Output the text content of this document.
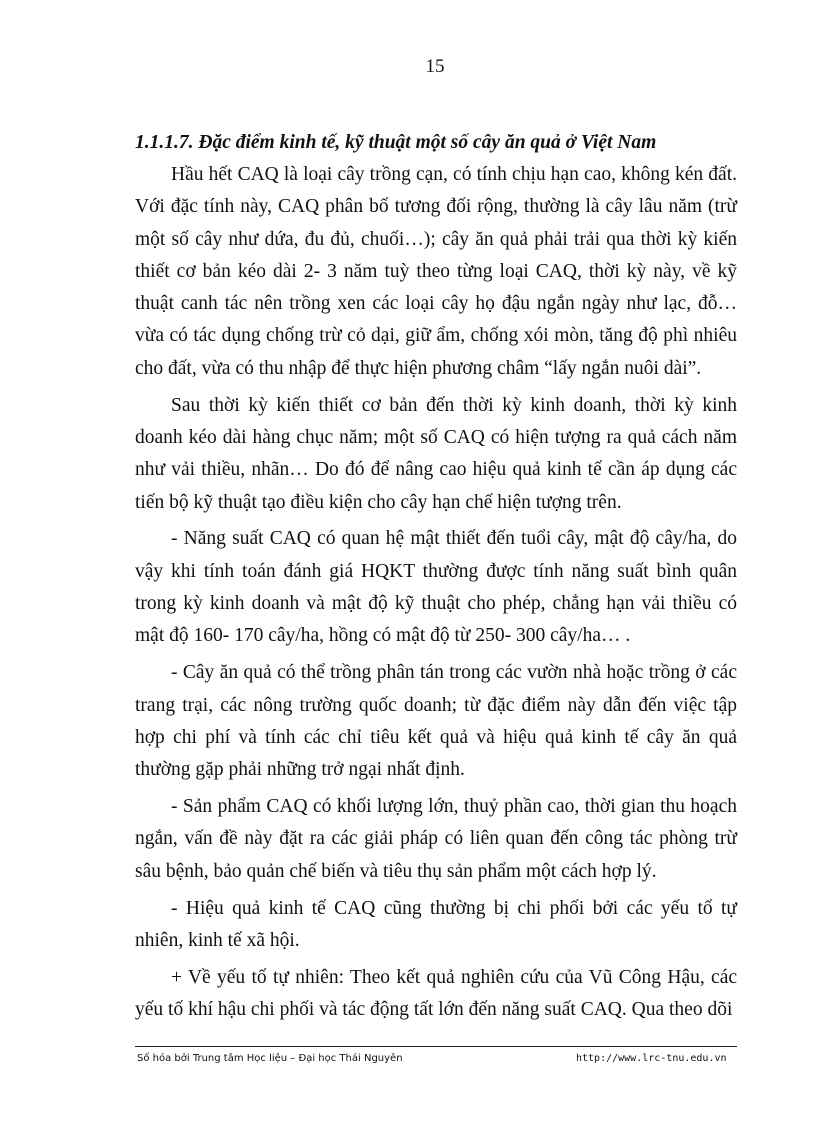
15

1.1.1.7. Đặc điểm kinh tế, kỹ thuật một số cây ăn quả ở Việt Nam

Hầu hết CAQ là loại cây trồng cạn, có tính chịu hạn cao, không kén đất. Với đặc tính này, CAQ phân bố tương đối rộng, thường là cây lâu năm (trừ một số cây như dứa, đu đủ, chuối…); cây ăn quả phải trải qua thời kỳ kiến thiết cơ bản kéo dài 2- 3 năm tuỳ theo từng loại CAQ, thời kỳ này, về kỹ thuật canh tác nên trồng xen các loại cây họ đậu ngắn ngày như lạc, đỗ… vừa có tác dụng chống trừ cỏ dại, giữ ẩm, chống xói mòn, tăng độ phì nhiêu cho đất, vừa có thu nhập để thực hiện phương châm “lấy ngắn nuôi dài”.

Sau thời kỳ kiến thiết cơ bản đến thời kỳ kinh doanh, thời kỳ kinh doanh kéo dài hàng chục năm; một số CAQ có hiện tượng ra quả cách năm như vải thiều, nhãn… Do đó để nâng cao hiệu quả kinh tế cần áp dụng các tiến bộ kỹ thuật tạo điều kiện cho cây hạn chế hiện tượng trên.

- Năng suất CAQ có quan hệ mật thiết đến tuổi cây, mật độ cây/ha, do vậy khi tính toán đánh giá HQKT thường được tính năng suất bình quân trong kỳ kinh doanh và mật độ kỹ thuật cho phép, chẳng hạn vải thiều có mật độ 160- 170 cây/ha, hồng có mật độ từ 250- 300 cây/ha… .

- Cây ăn quả có thể trồng phân tán trong các vườn nhà hoặc trồng ở các trang trại, các nông trường quốc doanh; từ đặc điểm này dẫn đến việc tập hợp chi phí và tính các chỉ tiêu kết quả và hiệu quả kinh tế cây ăn quả thường gặp phải những trở ngại nhất định.

- Sản phẩm CAQ có khối lượng lớn, thuỷ phần cao, thời gian thu hoạch ngắn, vấn đề này đặt ra các giải pháp có liên quan đến công tác phòng trừ sâu bệnh, bảo quản chế biến và tiêu thụ sản phẩm một cách hợp lý.

- Hiệu quả kinh tế CAQ cũng thường bị chi phối bởi các yếu tố tự nhiên, kinh tế xã hội.

+ Về yếu tố tự nhiên: Theo kết quả nghiên cứu của Vũ Công Hậu, các yếu tố khí hậu chi phối và tác động tất lớn đến năng suất CAQ. Qua theo dõi

Số hóa bởi Trung tâm Học liệu – Đại học Thái Nguyên	http://www.lrc-tnu.edu.vn
